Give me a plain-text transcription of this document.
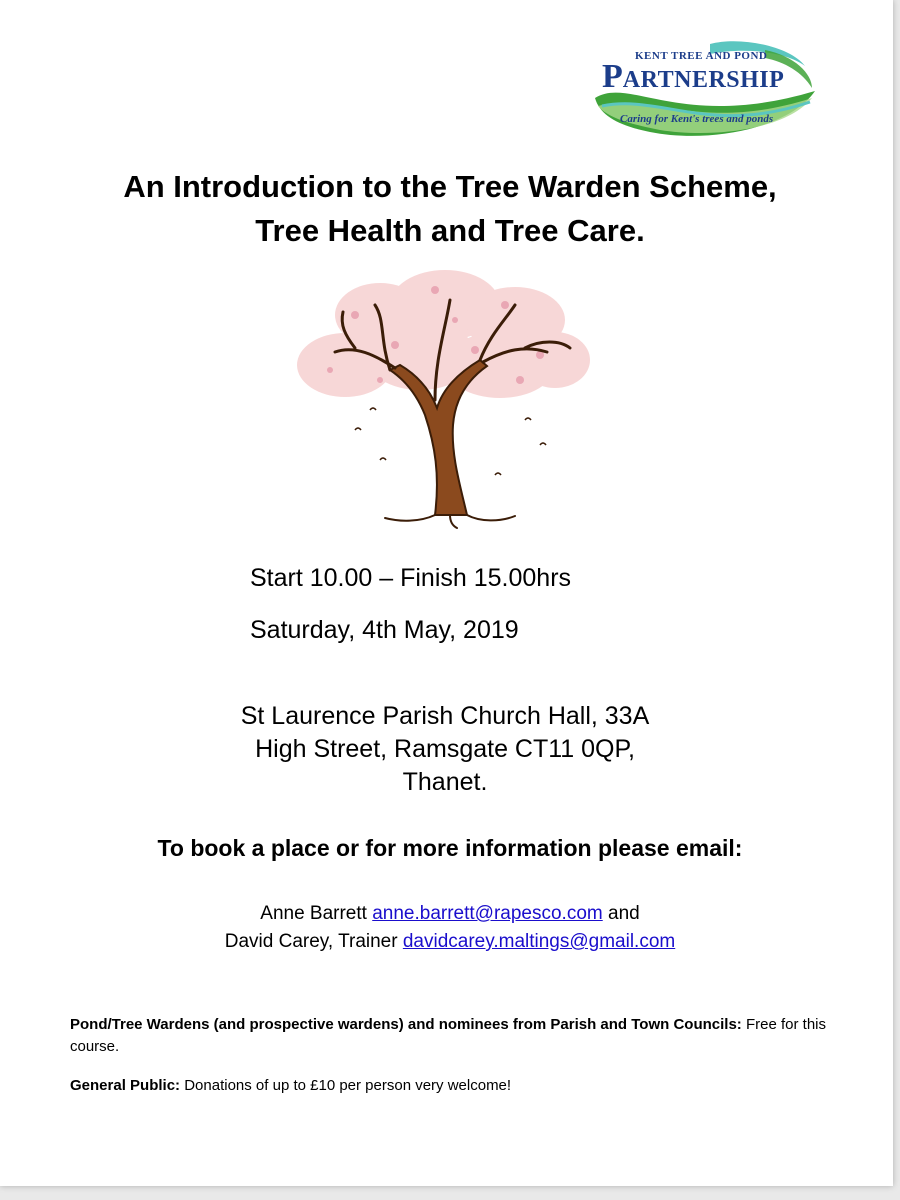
KENT TREE AND POND
PARTNERSHIP
Caring for Kent's trees and ponds
An Introduction to the Tree Warden Scheme,
Tree Health and Tree Care.
Start 10.00 – Finish 15.00hrs
Saturday, 4th May, 2019
St Laurence Parish Church Hall, 33A
High Street, Ramsgate CT11 0QP,
Thanet.
To book a place or for more information please email:
Anne Barrett anne.barrett@rapesco.com and
David Carey, Trainer davidcarey.maltings@gmail.com
Pond/Tree Wardens (and prospective wardens) and nominees from Parish and Town Councils: Free for this course.
General Public: Donations of up to £10 per person very welcome!
